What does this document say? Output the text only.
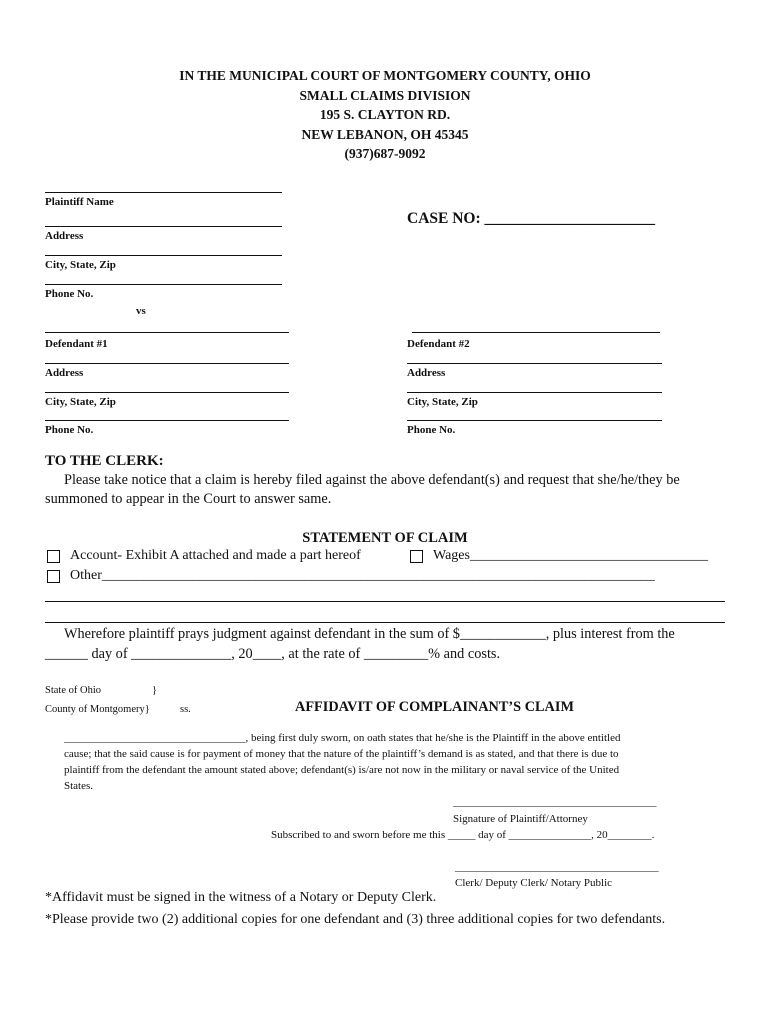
IN THE MUNICIPAL COURT OF MONTGOMERY COUNTY, OHIO
SMALL CLAIMS DIVISION
195 S. CLAYTON RD.
NEW LEBANON, OH 45345
(937)687-9092
Plaintiff Name
Address
City, State, Zip
Phone No.
CASE NO: ______________________
vs
Defendant #1
Address
City, State, Zip
Phone No.
Defendant #2
Address
City, State, Zip
Phone No.
TO THE CLERK:
Please take notice that a claim is hereby filed against the above defendant(s) and request that she/he/they be
summoned to appear in the Court to answer same.
STATEMENT OF CLAIM
Account- Exhibit A attached and made a part hereof	Wages__________________________________
Other_______________________________________________________________________________
Wherefore plaintiff prays judgment against defendant in the sum of $____________, plus interest from the
______ day of ______________, 20____, at the rate of _________% and costs.
State of Ohio	}
County of Montgomery}	ss.	AFFIDAVIT OF COMPLAINANT’S CLAIM
_________________________________, being first duly sworn, on oath states that he/she is the Plaintiff in the above entitled
cause; that the said cause is for payment of money that the nature of the plaintiff’s demand is as stated, and that there is due to
plaintiff from the defendant the amount stated above; defendant(s) is/are not now in the military or naval service of the United
States.
_____________________________________
Signature of Plaintiff/Attorney
Subscribed to and sworn before me this _____ day of _______________, 20________.
_____________________________________
Clerk/ Deputy Clerk/ Notary Public
*Affidavit must be signed in the witness of a Notary or Deputy Clerk.
*Please provide two (2) additional copies for one defendant and (3) three additional copies for two defendants.
